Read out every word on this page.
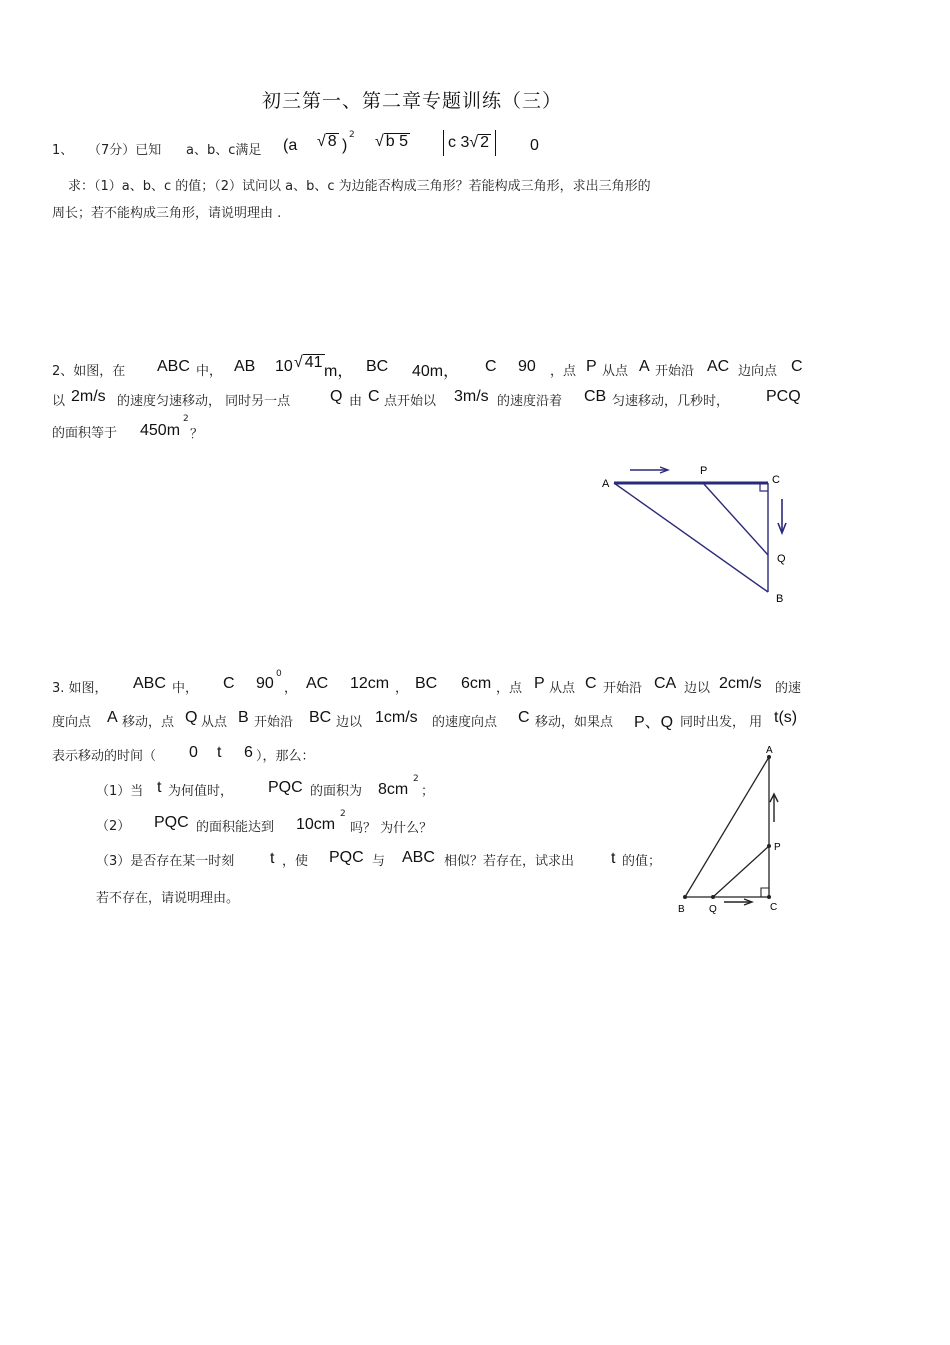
初三第一、第二章专题训练（三）
1、 （7分）已知 a、b、c满足 (a √ 8 )
2 √ b 5	c 3√ 2	0
求：（1）a、b、c 的值；（2）试问以 a、b、c 为边能否构成三角形？若能构成三角形，求出三角形的
周长；若不能构成三角形，请说明理由 .
2、如图，在 ABC 中， AB 10 √ 41
m， BC 40m， C 90 ，点 P 从点 A 开始沿 AC 边向点 C
以 2m/s 的速度匀速移动， 同时另一点 Q 由 C 点开始以 3m/s 的速度沿着 CB 匀速移动，几秒时， PCQ
的面积等于 450m
2
？
A
P
C
Q
B
3. 如图， ABC 中， C 90
0
， AC 12cm ， BC 6cm ，点 P 从点 C 开始沿 CA 边以 2cm/s 的速
度向点 A 移动，点 Q 从点 B 开始沿 BC 边以 1cm/s 的速度向点 C 移动，如果点 P、Q 同时出发， 用 t(s)
表示移动的时间（ 0 t 6 ），那么：
（1）当 t 为何值时， PQC 的面积为 8cm
2
；
（2） PQC 的面积能达到 10cm
2
吗？ 为什么？
（3）是否存在某一时刻 t ，使 PQC 与 ABC 相似？若存在，试求出 t 的值；
若不存在，请说明理由。
A
P
B Q	C
